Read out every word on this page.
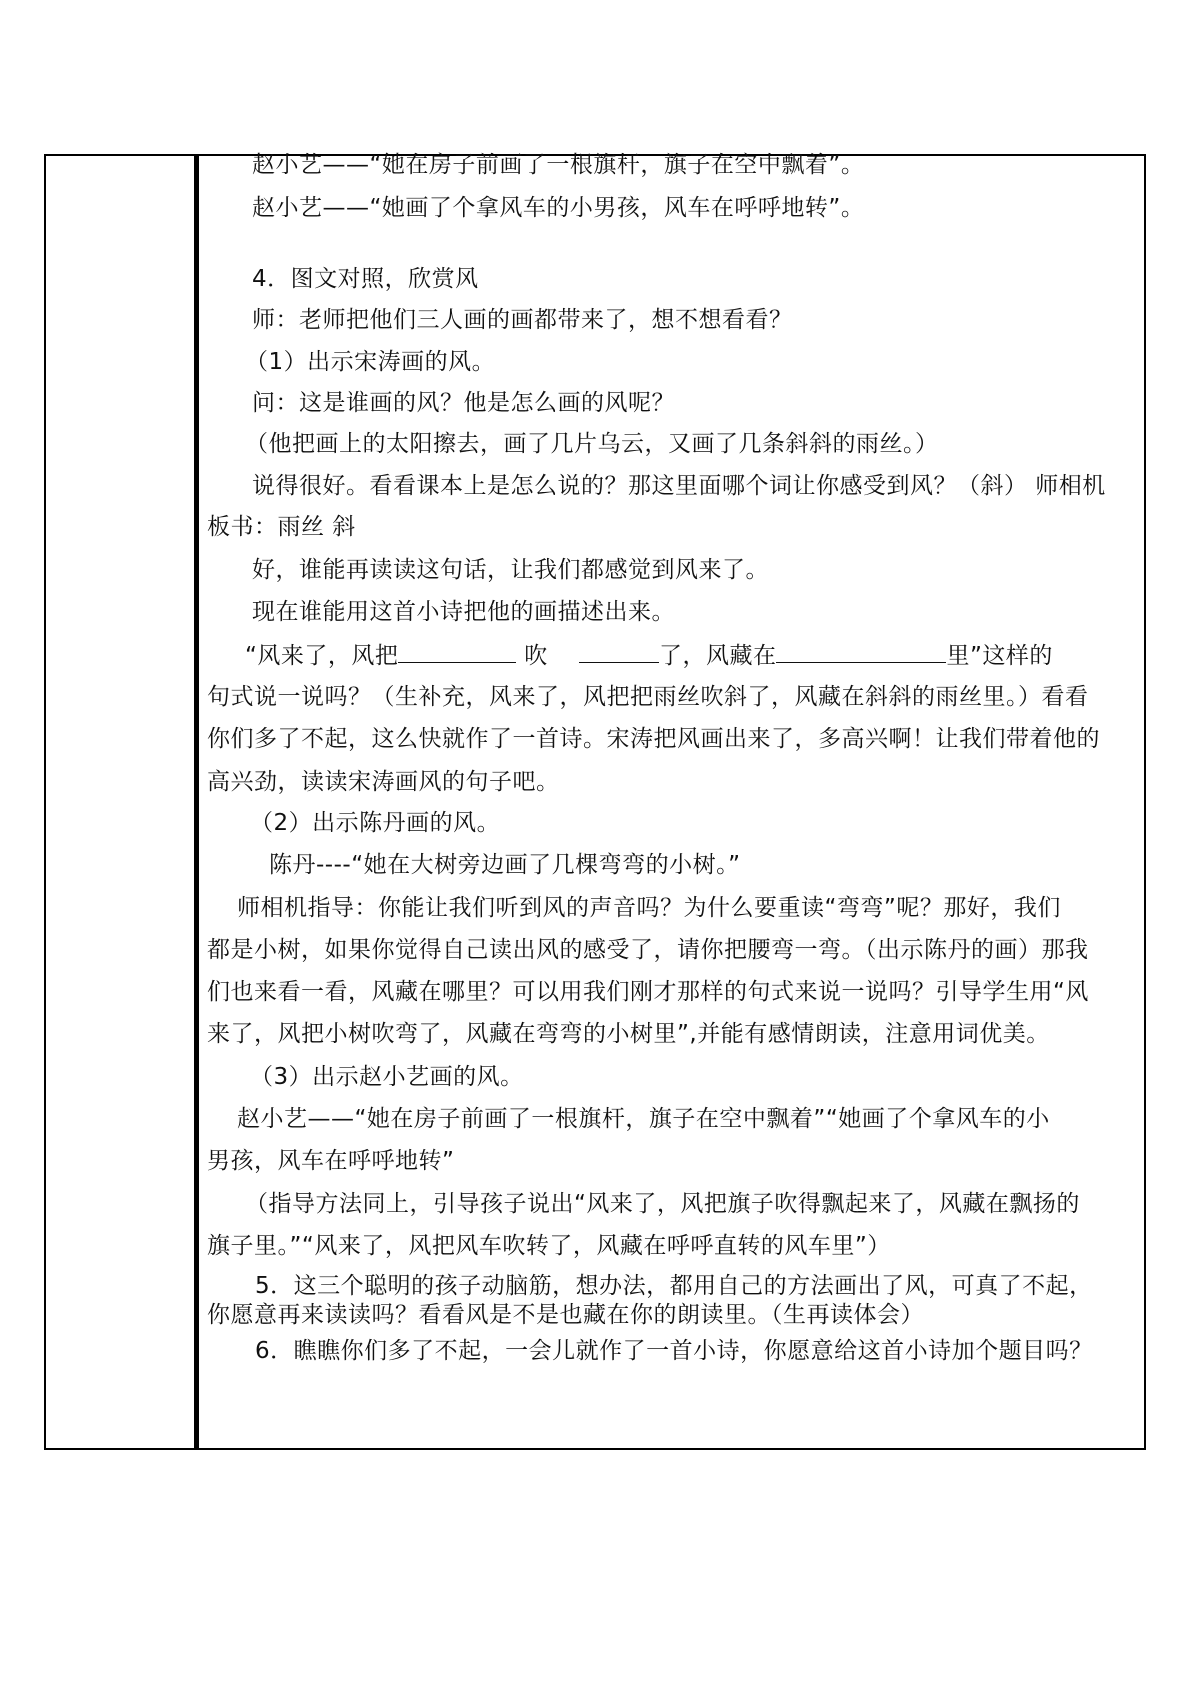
赵小艺——“她在房子前画了一根旗杆，旗子在空中飘着”。
赵小艺——“她画了个拿风车的小男孩，风车在呼呼地转”。
4．图文对照，欣赏风
师：老师把他们三人画的画都带来了，想不想看看？
（1）出示宋涛画的风。
问：这是谁画的风？他是怎么画的风呢？
（他把画上的太阳擦去，画了几片乌云，又画了几条斜斜的雨丝。）
说得很好。看看课本上是怎么说的？那这里面哪个词让你感受到风？（斜） 师相机
板书：雨丝 斜
好，谁能再读读这句话，让我们都感觉到风来了。
现在谁能用这首小诗把他的画描述出来。
“风来了，风把	吹	了，风藏在	里”这样的
句式说一说吗？（生补充，风来了，风把把雨丝吹斜了，风藏在斜斜的雨丝里。）看看
你们多了不起，这么快就作了一首诗。宋涛把风画出来了，多高兴啊！让我们带着他的
高兴劲，读读宋涛画风的句子吧。
（2）出示陈丹画的风。
陈丹----“她在大树旁边画了几棵弯弯的小树。”
师相机指导：你能让我们听到风的声音吗？为什么要重读“弯弯”呢？那好，我们
都是小树，如果你觉得自己读出风的感受了，请你把腰弯一弯。（出示陈丹的画）那我
们也来看一看，风藏在哪里？可以用我们刚才那样的句式来说一说吗？引导学生用“风
来了，风把小树吹弯了，风藏在弯弯的小树里”,并能有感情朗读，注意用词优美。
（3）出示赵小艺画的风。
赵小艺——“她在房子前画了一根旗杆，旗子在空中飘着”“她画了个拿风车的小
男孩，风车在呼呼地转”
（指导方法同上，引导孩子说出“风来了，风把旗子吹得飘起来了，风藏在飘扬的
旗子里。”“风来了，风把风车吹转了，风藏在呼呼直转的风车里”）
5．这三个聪明的孩子动脑筋，想办法，都用自己的方法画出了风，可真了不起，
你愿意再来读读吗？看看风是不是也藏在你的朗读里。（生再读体会）
6．瞧瞧你们多了不起，一会儿就作了一首小诗，你愿意给这首小诗加个题目吗？
